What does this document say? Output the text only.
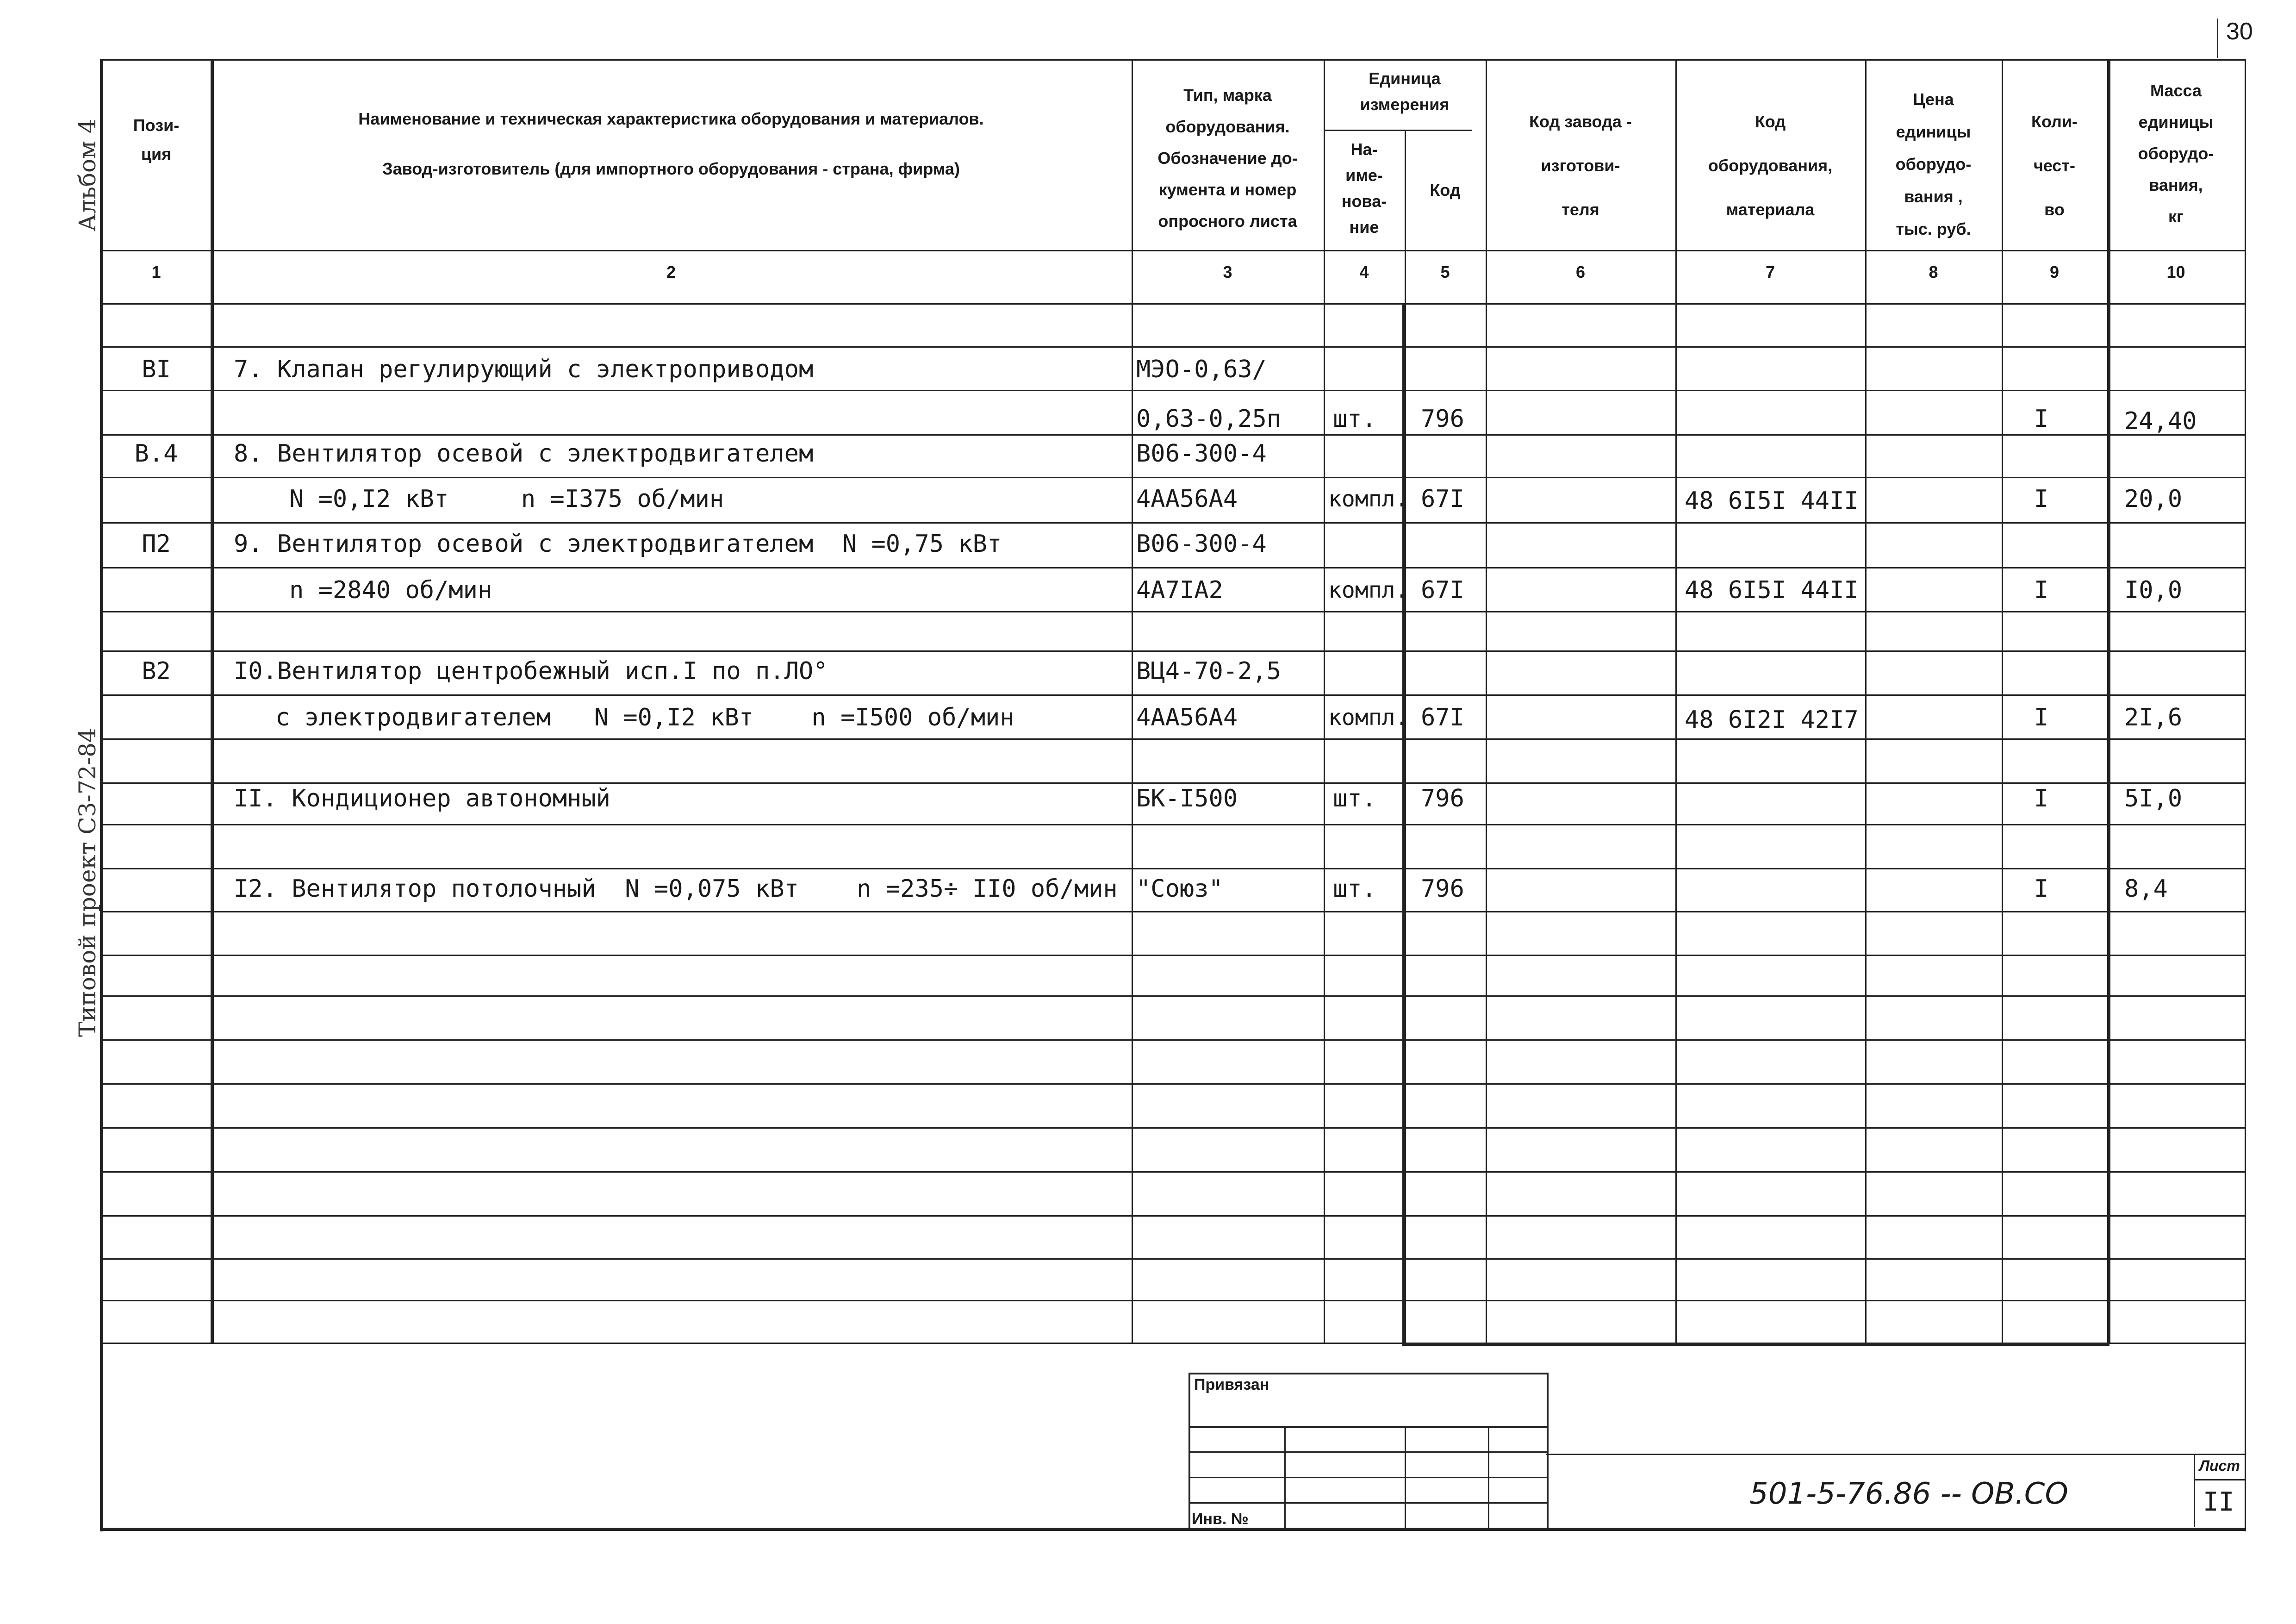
30
Альбом 4
Типовой проект СЗ-72-84
Пози-
ция
Наименование и техническая характеристика оборудования и материалов.
Завод-изготовитель (для импортного оборудования - страна, фирма)
Тип, марка
оборудования.
Обозначение до-
кумента и номер
опросного листа
Единица
измерения
На-
име-
нова-
ние
Код
Код завода -
изготови-
теля
Код
оборудования,
материала
Цена
единицы
оборудо-
вания ,
тыс. руб.
Коли-
чест-
во
Масса
единицы
оборудо-
вания,
кг
1	2	3	4	5	6	7	8	9	10
BI	7. Клапан регулирующий с электроприводом	МЭО-0,63/
0,63-0,25п шт. 796	I	24,40
В.4	8. Вентилятор осевой с электродвигателем	В06-300-4
N =0,I2 кВт     n =I375 об/мин	4АА56А4	компл. 67I	48 6I5I 44II	I	20,0
П2	9. Вентилятор осевой с электродвигателем  N =0,75 кВт	В06-300-4
n =2840 об/мин	4А7IА2	компл. 67I	48 6I5I 44II	I	I0,0
В2	I0.Вентилятор центробежный исп.I по п.ЛО°	ВЦ4-70-2,5
с электродвигателем   N =0,I2 кВт    n =I500 об/мин	4АА56А4	компл. 67I	48 6I2I 42I7	I	2I,6
II. Кондиционер автономный	БК-I500	шт. 796	I	5I,0
I2. Вентилятор потолочный  N =0,075 кВт    n =235÷ II0 об/мин "Союз"	шт. 796	I	8,4
Привязан
Инв. №
501-5-76.86 -- ОВ.СО
Лист
II
